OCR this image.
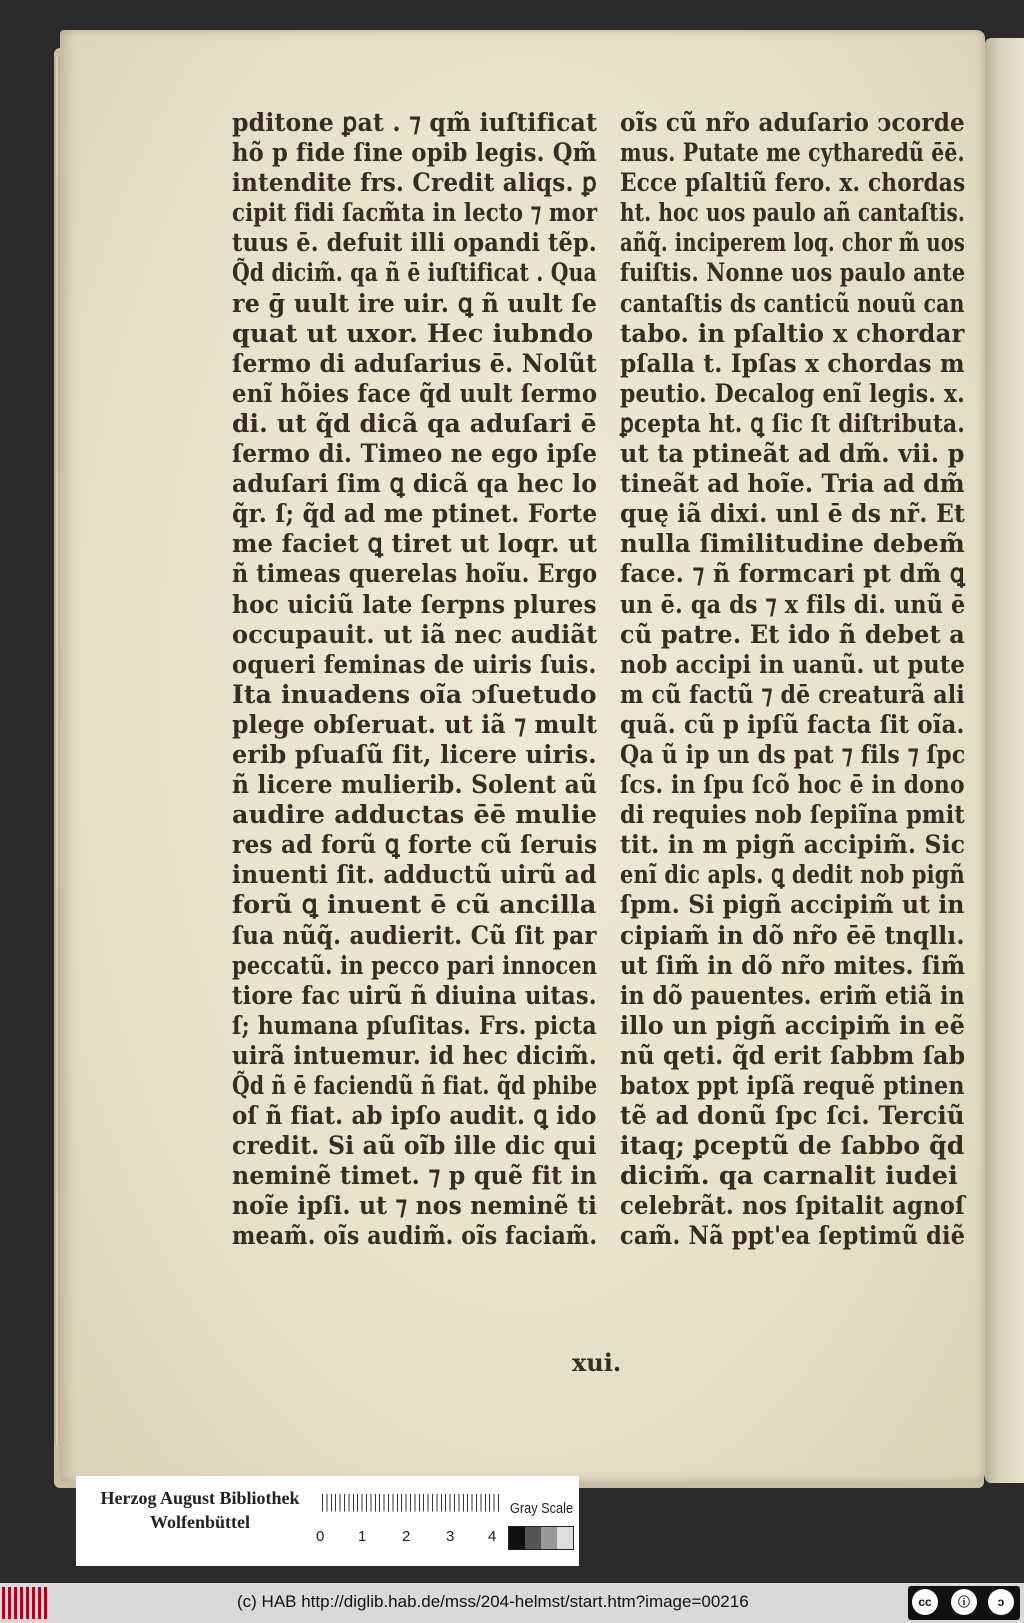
pditone ꝑat . ⁊ qm̃ iuſtificat
hõ p fide ſine opib legis. Qm̃
intendite frs. Credit aliqs. ꝑ
cipit fidi ſacm̃ta in lecto ⁊ mor
tuus ē. defuit illi opandi tẽp.
Q̃d dicim̃. qa ñ ē iuſtificat . Qua
re ḡ uult ire uir. ꝗ ñ uult ſe
quat ut uxor. Hec iubndo
ſermo di aduſarius ē. Nolũt
enĩ hõies face q̃d uult ſermo
di. ut q̃d dicã qa aduſari ē
ſermo di. Timeo ne ego ipſe
aduſari ſim ꝗ dicã qa hec lo
q̃r. ſ; q̃d ad me ptinet. Forte
me faciet ꝗ tiret ut loqr. ut
ñ timeas querelas hoĩu. Ergo
hoc uiciũ late ſerpns plures
occupauit. ut iã nec audiãt
oqueri feminas de uiris ſuis.
Ita inuadens oĩa ↄſuetudo
plege obſeruat. ut iã ⁊ mult
erib pſuaſũ ſit, licere uiris.
ñ licere mulierib. Solent aũ
audire adductas ēē mulie
res ad forũ ꝗ forte cũ ſeruis
inuenti ſit. adductũ uirũ ad
forũ ꝗ inuent ē cũ ancilla
ſua nũq̃. audierit. Cũ ſit par
peccatũ. in pecco pari innocen
tiore fac uirũ ñ diuina uitas.
ſ; humana pſuſitas. Frs. picta
uirã intuemur. id hec dicim̃.
Q̃d ñ ē faciendũ ñ fiat. q̃d phibe
oſ ñ fiat. ab ipſo audit. ꝗ ido
credit. Si aũ oĩb ille dic qui
neminẽ timet. ⁊ p quẽ fit in
noĩe ipſi. ut ⁊ nos neminẽ ti
meam̃. oĩs audim̃. oĩs faciam̃.
oĩs cũ nr̃o aduſario ↄcorde
mus. Putate me cytharedũ ēē.
Ecce pſaltiũ fero. x. chordas
ht. hoc uos paulo añ cantaſtis.
añq̃. inciperem loq. chor m̃ uos
fuiſtis. Nonne uos paulo ante
cantaſtis ds canticũ nouũ can
tabo. in pſaltio x chordar
pſalla t. Ipſas x chordas m
peutio. Decalog enĩ legis. x.
ꝑcepta ht. ꝗ ſic ſt diſtributa.
ut ta ptineãt ad dm̃. vii. p
tineãt ad hoĩe. Tria ad dm̃
quę iã dixi. unl ē ds nr̃. Et
nulla ſimilitudine debem̃
face. ⁊ ñ formcari pt dm̃ ꝗ
un ē. qa ds ⁊ x fils di. unũ ē
cũ patre. Et ido ñ debet a
nob accipi in uanũ. ut pute
m cũ factũ ⁊ dē creaturã ali
quã. cũ p ipſũ facta ſit oĩa.
Qa ũ ip un ds pat ⁊ fils ⁊ ſpc
ſcs. in ſpu ſcõ hoc ē in dono
di requies nob ſepiĩna pmit
tit. in m pigñ accipim̃. Sic
enĩ dic apls. ꝗ dedit nob pigñ
ſpm. Si pigñ accipim̃ ut in
cipiam̃ in dõ nr̃o ēē tnqllı.
ut ſim̃ in dõ nr̃o mites. ſim̃
in dõ pauentes. erim̃ etiã in
illo un pigñ accipim̃ in eẽ
nũ qeti. q̃d erit ſabbm ſab
batox ppt ipſã requẽ ptinen
tẽ ad donũ ſpc ſci. Terciũ
itaq; ꝑceptũ de ſabbo q̃d
dicim̃. qa carnalit iudei
celebrãt. nos ſpitalit agnoſ
cam̃. Nã ppt'ea ſeptimũ diẽ
xui.
Herzog August Bibliothek
Wolfenbüttel
0 1 2 3 4
Gray Scale
(c) HAB http://diglib.hab.de/mss/204-helmst/start.htm?image=00216	cc	ⓘ	ↄ
